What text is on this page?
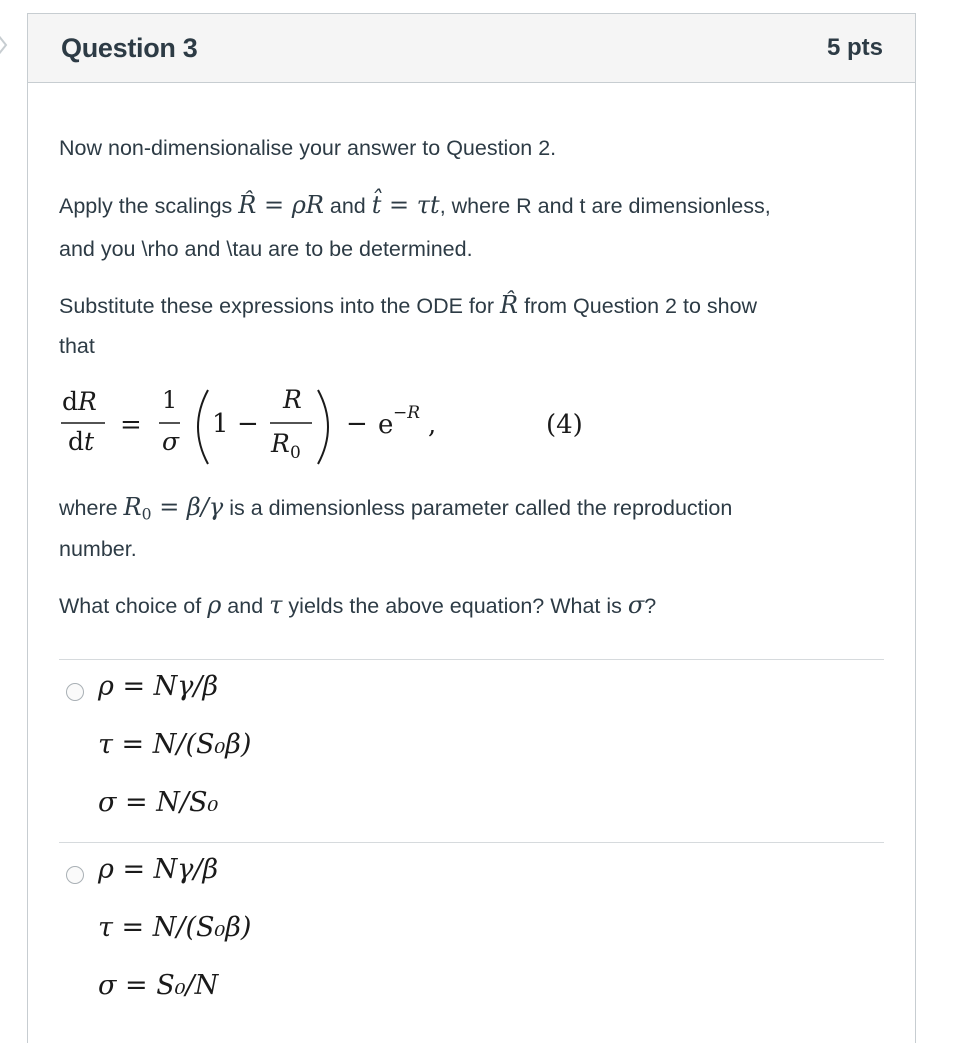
Question 3	5 pts
Now non-dimensionalise your answer to Question 2.
Apply the scalings R̂ = ρR and t̂ = τt, where R and t are dimensionless,
and you \rho and \tau are to be determined.
Substitute these expressions into the ODE for R̂ from Question 2 to show
that
dR
dt
=
1
σ
1 −
R
R 0
− e −R ,	(4)
where $R_0 = \beta/\gamma$ is a dimensionless parameter called the reproduction
number.
What choice of ρ and τ yields the above equation? What is σ?
ρ = Nγ/β
τ = N/(S₀β)
σ = N/S₀
ρ = Nγ/β
τ = N/(S₀β)
σ = S₀/N
